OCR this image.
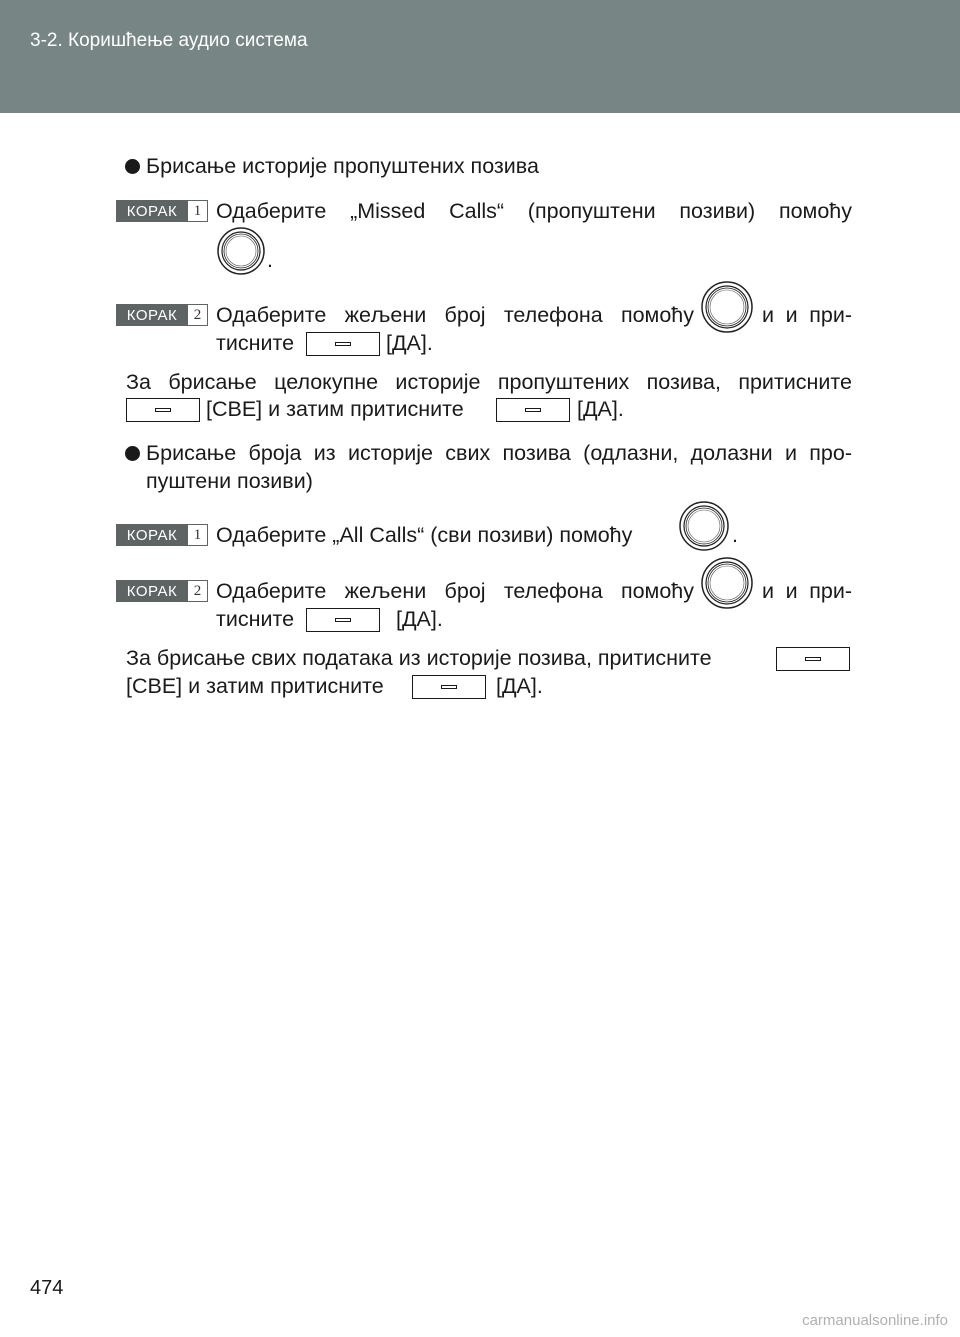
3-2. Коришћење аудио система
Брисање историје пропуштених позива
КОРАК	1 Одаберите „Missed Calls“ (пропуштени позиви) помоћу
.
КОРАК	2 Одаберите жељени број телефона помоћу	и и при-
тисните	[ДА].
За брисање целокупне историје пропуштених позива, притисните
[СВЕ] и затим притисните	[ДА].
Брисање броја из историје свих позива (одлазни, долазни и про-
пуштени позиви)
КОРАК	1 Одаберите „All Calls“ (сви позиви) помоћу	.
КОРАК	2 Одаберите жељени број телефона помоћу	и и при-
тисните	[ДА].
За брисање свих података из историје позива, притисните
[СВЕ] и затим притисните	[ДА].
474
carmanualsonline.info
